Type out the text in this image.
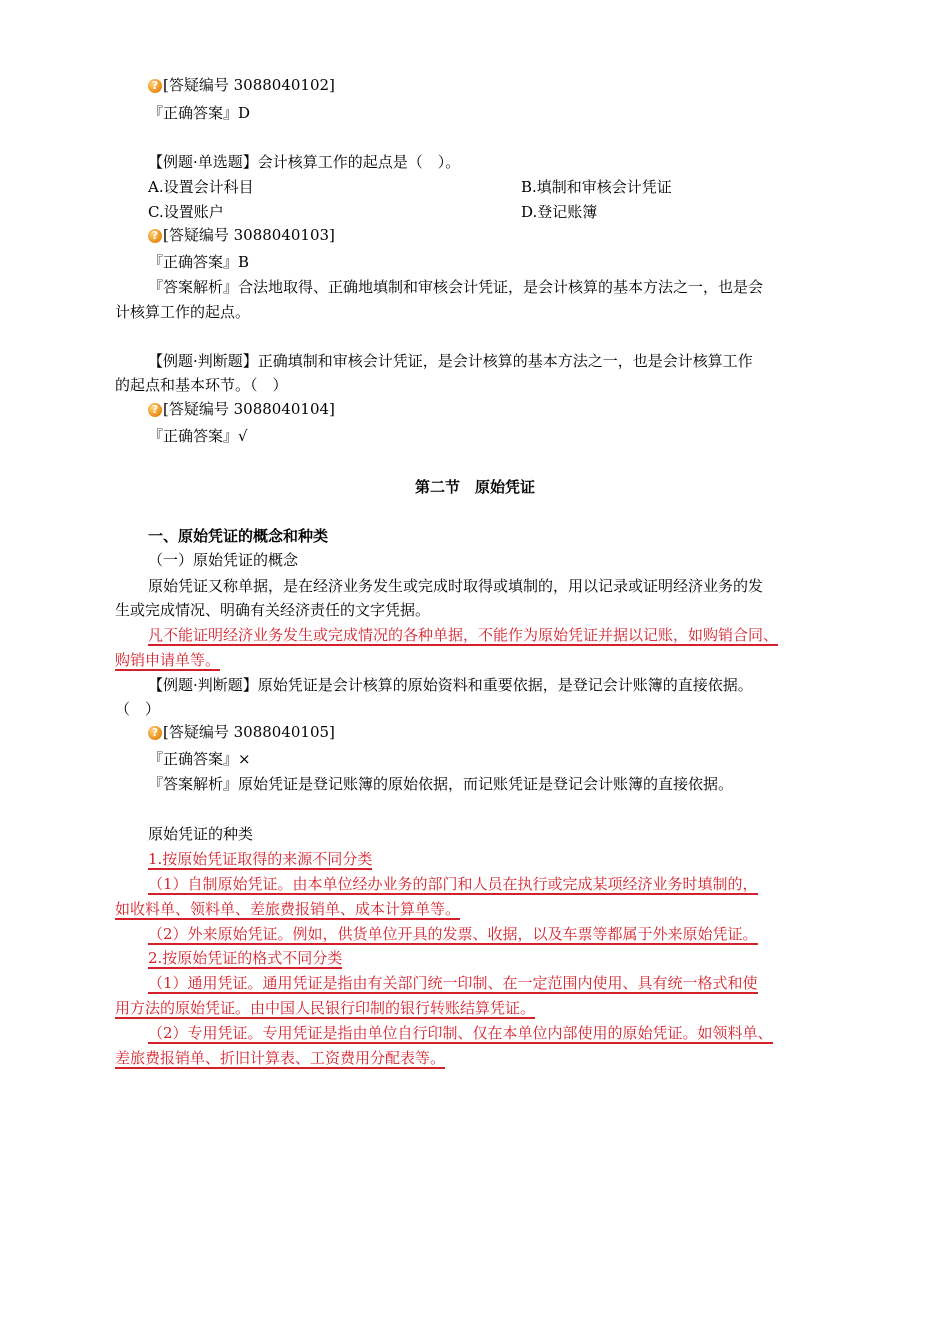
? [答疑编号 3088040102]
『正确答案』D
【例题·单选题】会计核算工作的起点是（　）。
A.设置会计科目	B.填制和审核会计凭证
C.设置账户	D.登记账簿
? [答疑编号 3088040103]
『正确答案』B
『答案解析』合法地取得、正确地填制和审核会计凭证，是会计核算的基本方法之一，也是会
计核算工作的起点。
【例题·判断题】正确填制和审核会计凭证，是会计核算的基本方法之一，也是会计核算工作
的起点和基本环节。（　）
? [答疑编号 3088040104]
『正确答案』√
第二节　原始凭证
一、原始凭证的概念和种类
（一）原始凭证的概念
原始凭证又称单据，是在经济业务发生或完成时取得或填制的，用以记录或证明经济业务的发
生或完成情况、明确有关经济责任的文字凭据。
凡不能证明经济业务发生或完成情况的各种单据，不能作为原始凭证并据以记账，如购销合同、
购销申请单等。
【例题·判断题】原始凭证是会计核算的原始资料和重要依据，是登记会计账簿的直接依据。
（　）
? [答疑编号 3088040105]
『正确答案』×
『答案解析』原始凭证是登记账簿的原始依据，而记账凭证是登记会计账簿的直接依据。
原始凭证的种类
1.按原始凭证取得的来源不同分类
（1）自制原始凭证。由本单位经办业务的部门和人员在执行或完成某项经济业务时填制的，
如收料单、领料单、差旅费报销单、成本计算单等。
（2）外来原始凭证。例如，供货单位开具的发票、收据，以及车票等都属于外来原始凭证。
2.按原始凭证的格式不同分类
（1）通用凭证。通用凭证是指由有关部门统一印制、在一定范围内使用、具有统一格式和使
用方法的原始凭证。由中国人民银行印制的银行转账结算凭证。
（2）专用凭证。专用凭证是指由单位自行印制、仅在本单位内部使用的原始凭证。如领料单、
差旅费报销单、折旧计算表、工资费用分配表等。
